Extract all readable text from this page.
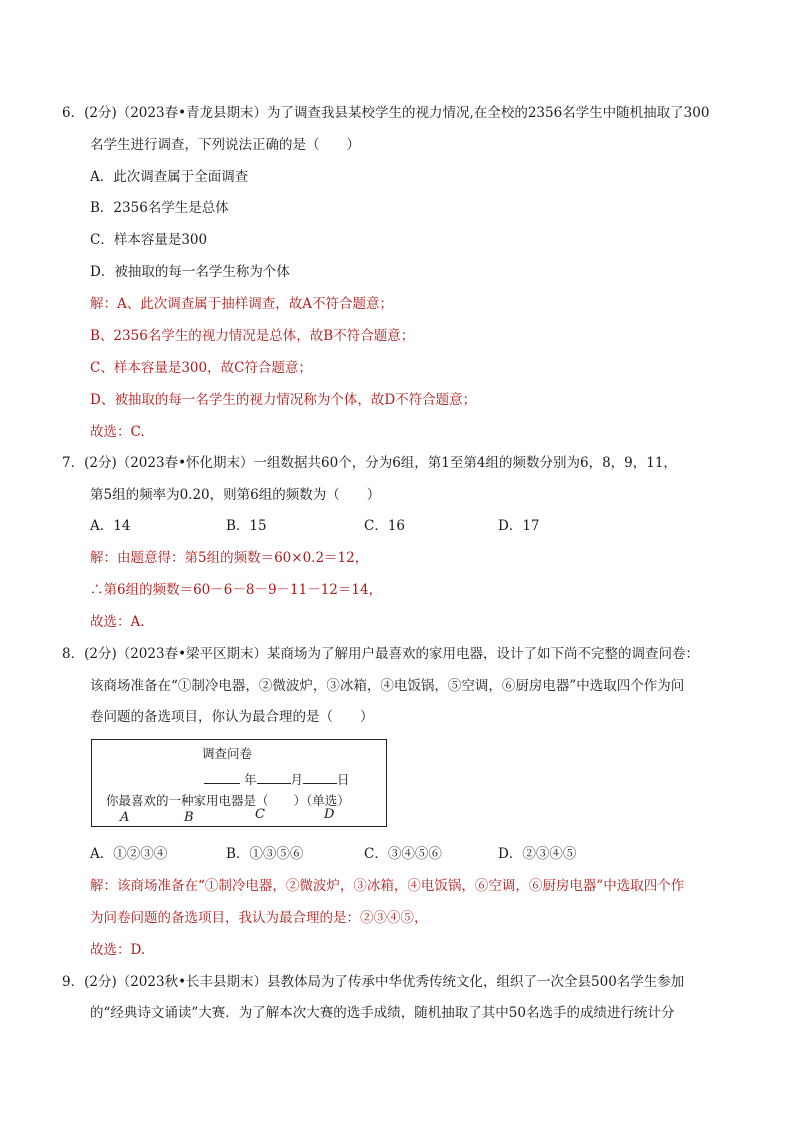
6．(2分)（2023春•青龙县期末）为了调查我县某校学生的视力情况,在全校的2356名学生中随机抽取了300
名学生进行调查，下列说法正确的是（　　）
A．此次调查属于全面调查
B．2356名学生是总体
C．样本容量是300
D．被抽取的每一名学生称为个体
解：A、此次调查属于抽样调查，故A不符合题意；
B、2356名学生的视力情况是总体，故B不符合题意；
C、样本容量是300，故C符合题意；
D、被抽取的每一名学生的视力情况称为个体，故D不符合题意；
故选：C.
7．(2分)（2023春•怀化期末）一组数据共60个，分为6组，第1至第4组的频数分别为6，8，9，11，
第5组的频率为0.20，则第6组的频数为（　　）
A．14	B．15	C．16	D．17
解：由题意得：第5组的频数＝60×0.2＝12，
∴第6组的频数＝60－6－8－9－11－12＝14，
故选：A.
8．(2分)（2023春•梁平区期末）某商场为了解用户最喜欢的家用电器，设计了如下尚不完整的调查问卷：
该商场准备在“①制冷电器，②微波炉，③冰箱，④电饭锅，⑤空调，⑥厨房电器”中选取四个作为问
卷问题的备选项目，你认为最合理的是（　　）
调查问卷
年	月	日
你最喜欢的一种家用电器是（　　）（单选）
A	B	C	D
A．①②③④	B．①③⑤⑥	C．③④⑤⑥	D．②③④⑤
解：该商场准备在“①制冷电器，②微波炉，③冰箱，④电饭锅，⑥空调，⑥厨房电器”中选取四个作
为问卷问题的备选项目，我认为最合理的是：②③④⑤，
故选：D.
9．(2分)（2023秋•长丰县期末）县教体局为了传承中华优秀传统文化，组织了一次全县500名学生参加
的“经典诗文诵读”大赛．为了解本次大赛的选手成绩，随机抽取了其中50名选手的成绩进行统计分
